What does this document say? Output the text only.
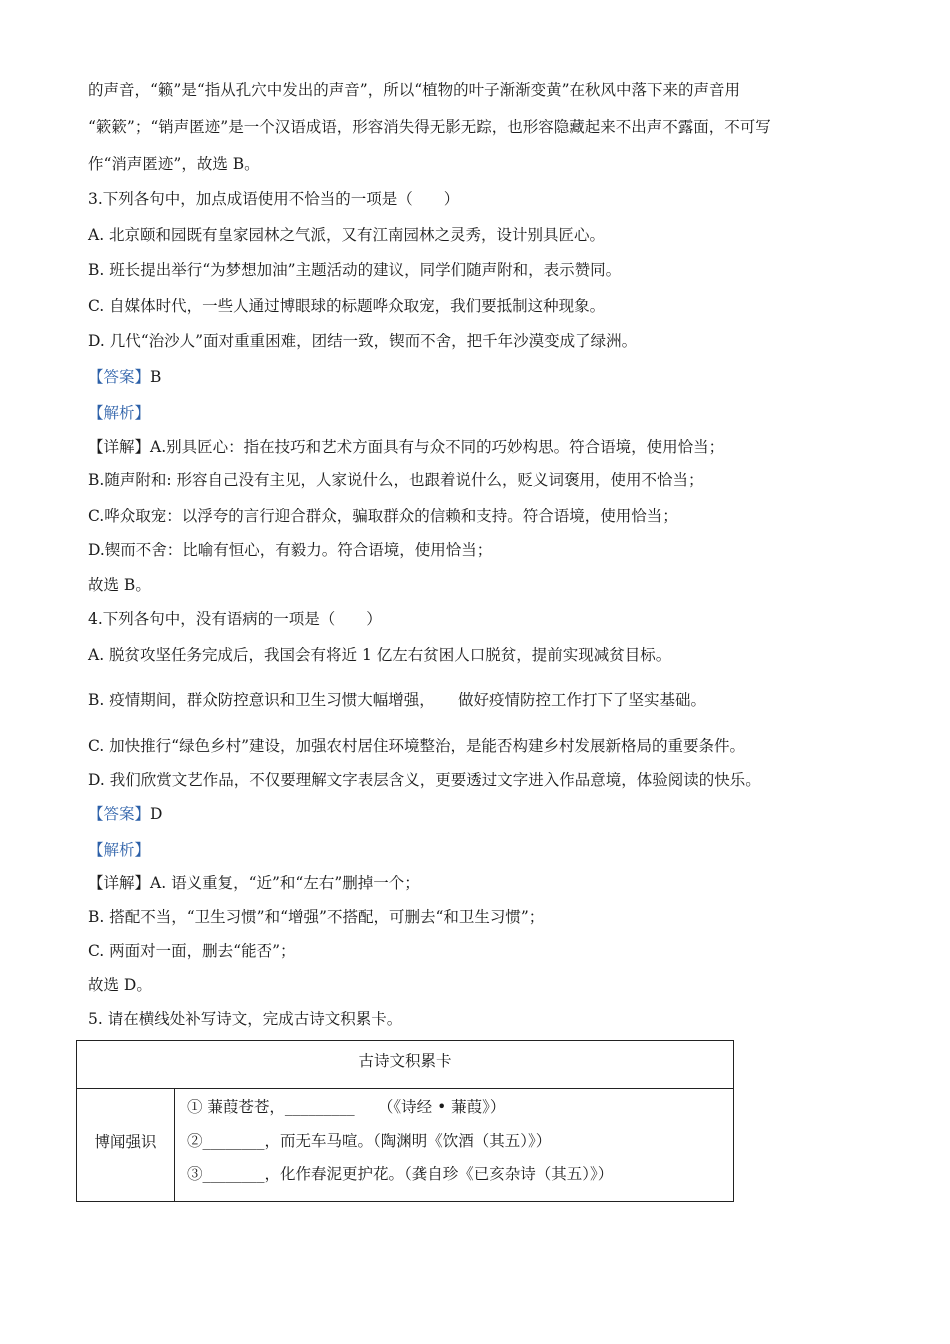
的声音，“籁”是“指从孔穴中发出的声音”，所以“植物的叶子渐渐变黄”在秋风中落下来的声音用
“簌簌”；“销声匿迹”是一个汉语成语，形容消失得无影无踪，也形容隐藏起来不出声不露面，不可写
作“消声匿迹”，故选 B。
3.下列各句中，加点成语使用不恰当的一项是（　　）
A. 北京颐和园既有皇家园林之气派，又有江南园林之灵秀，设计别具匠心。
B. 班长提出举行“为梦想加油”主题活动的建议，同学们随声附和，表示赞同。
C. 自媒体时代，一些人通过博眼球的标题哗众取宠，我们要抵制这种现象。
D. 几代“治沙人”面对重重困难，团结一致，锲而不舍，把千年沙漠变成了绿洲。
【答案】B
【解析】
【详解】A.别具匠心：指在技巧和艺术方面具有与众不同的巧妙构思。符合语境，使用恰当；
B.随声附和: 形容自己没有主见，人家说什么，也跟着说什么，贬义词褒用，使用不恰当；
C.哗众取宠：以浮夸的言行迎合群众，骗取群众的信赖和支持。符合语境，使用恰当；
D.锲而不舍：比喻有恒心，有毅力。符合语境，使用恰当；
故选 B。
4.下列各句中，没有语病的一项是（　　）
A. 脱贫攻坚任务完成后，我国会有将近 1 亿左右贫困人口脱贫，提前实现减贫目标。
B. 疫情期间，群众防控意识和卫生习惯大幅增强，　　做好疫情防控工作打下了坚实基础。
C. 加快推行“绿色乡村”建设，加强农村居住环境整治，是能否构建乡村发展新格局的重要条件。
D. 我们欣赏文艺作品，不仅要理解文字表层含义，更要透过文字进入作品意境，体验阅读的快乐。
【答案】D
【解析】
【详解】A. 语义重复，“近”和“左右”删掉一个；
B. 搭配不当，“卫生习惯”和“增强”不搭配，可删去“和卫生习惯”；
C. 两面对一面，删去“能否”；
故选 D。
5. 请在横线处补写诗文，完成古诗文积累卡。
古诗文积累卡
博闻强识
① 蒹葭苍苍，_________　　（《诗经 • 蒹葭》）
②________，而无车马喧。（陶渊明《饮酒（其五）》）
③________，化作春泥更护花。（龚自珍《已亥杂诗（其五）》）
